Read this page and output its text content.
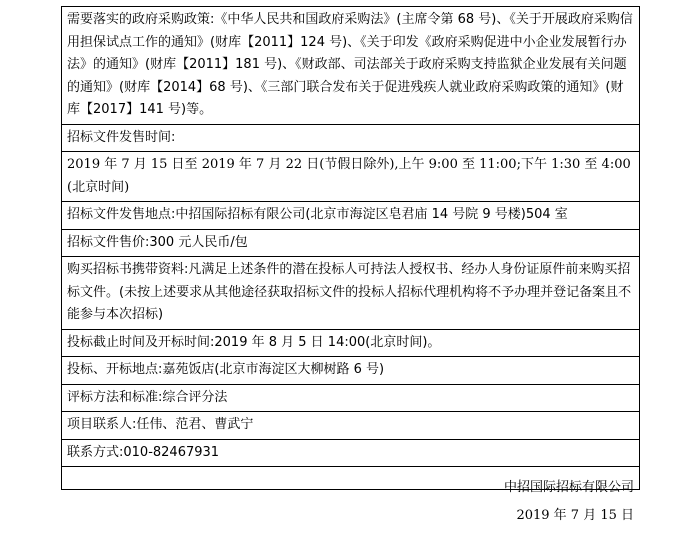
需要落实的政府采购政策:《中华人民共和国政府采购法》(主席令第 68 号)、《关于开展政府采购信用担保试点工作的通知》(财库【2011】124 号)、《关于印发《政府采购促进中小企业发展暂行办法》的通知》(财库【2011】181 号)、《财政部、司法部关于政府采购支持监狱企业发展有关问题的通知》(财库【2014】68 号)、《三部门联合发布关于促进残疾人就业政府采购政策的通知》(财库【2017】141 号)等。
招标文件发售时间:
2019 年 7 月 15 日至 2019 年 7 月 22 日(节假日除外),上午 9:00 至 11:00;下午 1:30 至 4:00(北京时间)
招标文件发售地点:中招国际招标有限公司(北京市海淀区皂君庙 14 号院 9 号楼)504 室
招标文件售价:300 元人民币/包
购买招标书携带资料:凡满足上述条件的潜在投标人可持法人授权书、经办人身份证原件前来购买招标文件。(未按上述要求从其他途径获取招标文件的投标人招标代理机构将不予办理并登记备案且不能参与本次招标)
投标截止时间及开标时间:2019 年 8 月 5 日 14:00(北京时间)。
投标、开标地点:嘉苑饭店(北京市海淀区大柳树路 6 号)
评标方法和标准:综合评分法
项目联系人:任伟、范君、曹武宁
联系方式:010-82467931

中招国际招标有限公司
2019 年 7 月 15 日
